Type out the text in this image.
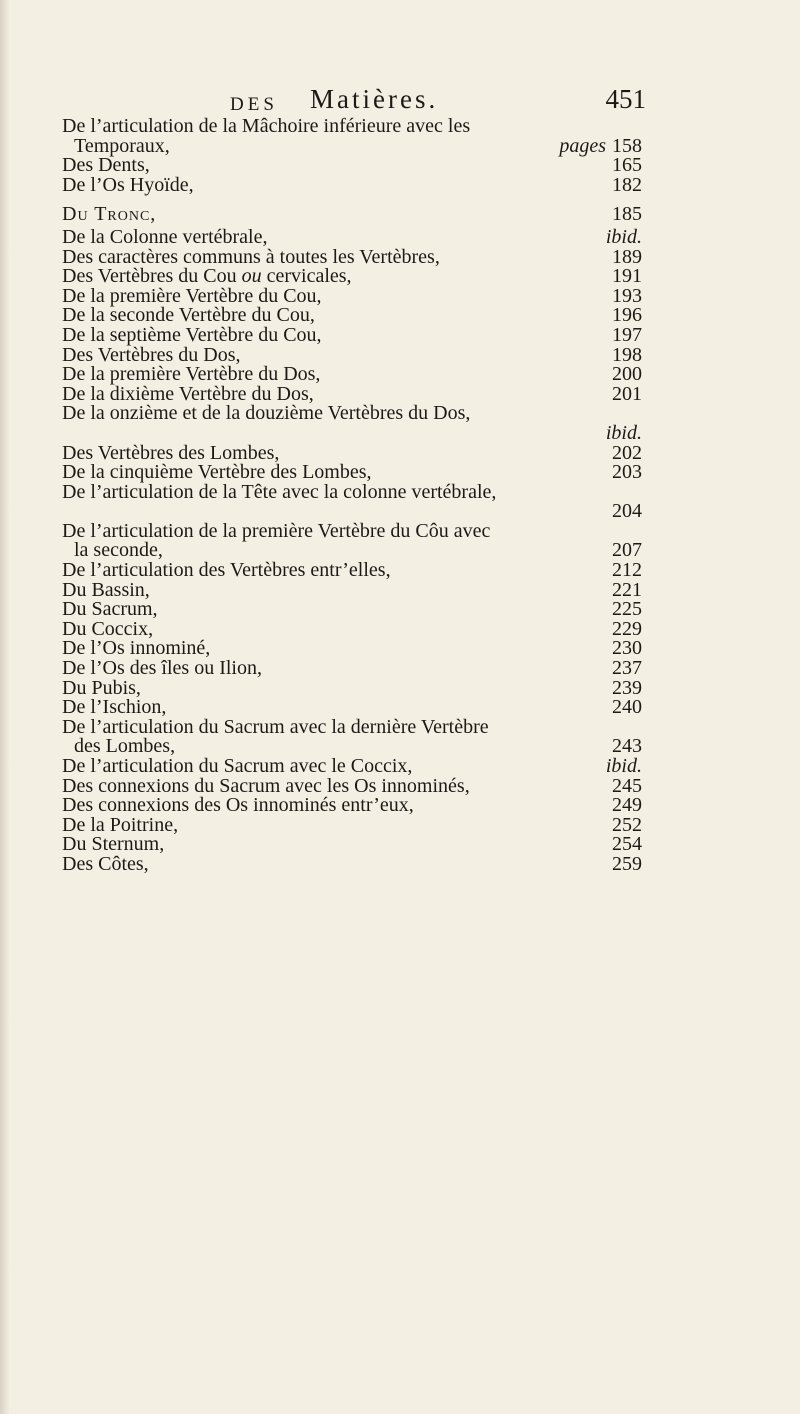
DES Matières.	451
De l’articulation de la Mâchoire inférieure avec les
Temporaux,	pages 158
Des Dents,	165
De l’Os Hyoïde,	182
Du Tronc,	185
De la Colonne vertébrale,	ibid.
Des caractères communs à toutes les Vertèbres,	189
Des Vertèbres du Cou ou cervicales,	191
De la première Vertèbre du Cou,	193
De la seconde Vertèbre du Cou,	196
De la septième Vertèbre du Cou,	197
Des Vertèbres du Dos,	198
De la première Vertèbre du Dos,	200
De la dixième Vertèbre du Dos,	201
De la onzième et de la douzième Vertèbres du Dos,
ibid.
Des Vertèbres des Lombes,	202
De la cinquième Vertèbre des Lombes,	203
De l’articulation de la Tête avec la colonne vertébrale,
204
De l’articulation de la première Vertèbre du Côu avec
la seconde,	207
De l’articulation des Vertèbres entr’elles,	212
Du Bassin,	221
Du Sacrum,	225
Du Coccix,	229
De l’Os innominé,	230
De l’Os des îles ou Ilion,	237
Du Pubis,	239
De l’Ischion,	240
De l’articulation du Sacrum avec la dernière Vertèbre
des Lombes,	243
De l’articulation du Sacrum avec le Coccix,	ibid.
Des connexions du Sacrum avec les Os innominés,	245
Des connexions des Os innominés entr’eux,	249
De la Poitrine,	252
Du Sternum,	254
Des Côtes,	259
